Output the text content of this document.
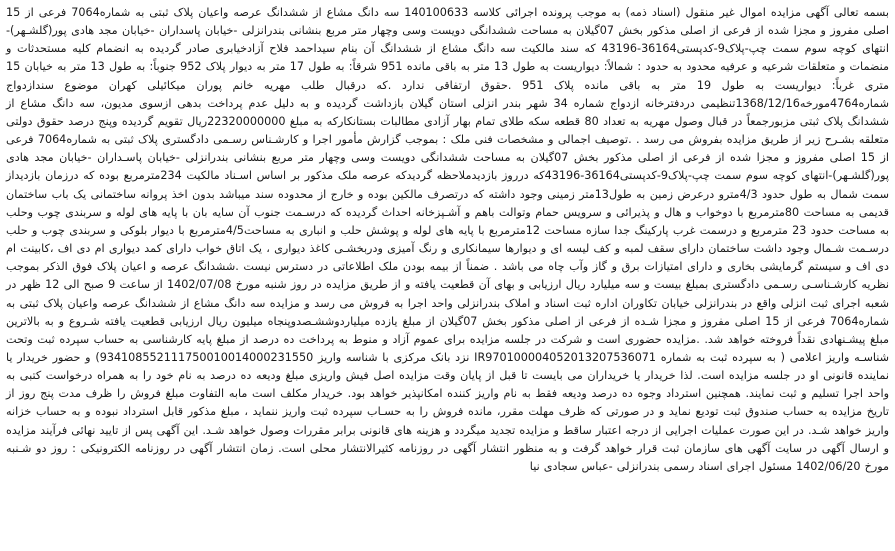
بسمه تعالی آگهی مزایده اموال غیر منقول (اسناد ذمه) به موجب پرونده اجرائی کلاسه 140100633 سه دانگ مشاع از ششدانگ عرصه واعیان پلاک ثبتی به شماره7064 فرعی از 15 اصلی مفروز و مجزا شده از فرعی از اصلی مذکور بخش 07گیلان به مساحت ششدانگی دویست وسی وچهار متر مربع بنشانی بندرانزلی -خیابان پاسداران -خیابان مجد هادی پور(گلشـهر)-انتهای کوچه سوم سمت چپ-پلاک9-کدپستی36164-43196 که سند مالکیت سه دانگ مشاع از ششدانگ آن بنام سیداحمد فلاح آزادخیابری صادر گردیده به انضمام کلیه مستحدثات و منضمات و متعلقات شرعیه و عرفیه محدود به حدود : شمالاً: دیواریست به طول 13 متر به باقی مانده 951 شرقاً: به طول 17 متر به دیوار پلاک 952 جنوباً: به طول 13 متر به خیابان 15 متری غرباً: دیواریست به طول 19 متر به باقی مانده پلاک 951 .حقوق ارتفاقی ندارد .که درقبال طلب مهریه خانم پوران میکائیلی کهران موضوع سندازدواج شماره4764مورخه1368/12/16تنظیمی دردفترخانه ازدواج شماره 34 شهر بندر انزلی استان گیلان بازداشت گردیده و به دلیل عدم پرداخت بدهی ازسوی مدیون، سه دانگ مشاع از ششدانگ پلاک ثبتی مزبورجمعاً در قبال وصول مهریه به تعداد 80 قطعه سکه طلای تمام بهار آزادی مطالبات بستانکارکه به مبلغ 22320000000ریال تقویم گردیده وپنج درصد حقوق دولتی متعلقه بشـرح زیر از طریق مزایده بفروش می رسد . .توصیف اجمالی و مشخصات فنی ملک : بموجب گزارش مأمور اجرا و کارشـناس رسـمی دادگستری پلاک ثبتی به شماره7064 فرعی از 15 اصلی مفروز و مجزا شده از فرعی از اصلی مذکور بخش 07گیلان به مساحت ششدانگی دویست وسی وچهار متر مربع بنشانی بندرانزلی -خیابان پاسـداران -خیابان مجد هادی پور(گلشـهر)-انتهای کوچه سوم سمت چپ-پلاک9-کدپستی36164-43196که درروز بازدیدملاحظه گردیدکه عرصه ملک مذکور بر اساس اسـناد مالکیت 234مترمربع بوده که درزمان بازدیداز سمت شمال به طول حدود 4/3مترو درعرض زمین به طول13متر زمینی وجود داشته که درتصرف مالکین بوده و خارج از محدوده سند میباشد بدون اخذ پروانه ساختمانی یک باب ساختمان قدیمی به مساحت 80مترمربع با دوخواب و هال و پذیرائی و سرویس حمام وتوالت باهم و آشـپزخانه احداث گردیده که درسـمت جنوب آن سایه بان با پایه های لوله و سربندی چوب وحلب به مساحت حدود 23 مترمربع و درسمت غرب پارکینگ جدا سازه مساحت 12مترمربع با پایه های لوله و پوشش حلب و انباری به مساحت4/5مترمربع با دیوار بلوکی و سربندی چوب و حلب درسـمت شـمال وجود داشت ساختمان دارای سقف لمبه و کف لیسه ای و دیوارها سیمانکاری و رنگ آمیزی ودربخشـی کاغذ دیواری ، یک اتاق خواب دارای کمد دیواری ام دی اف ،کابینت ام دی اف و سیستم گرمایشی بخاری و دارای امتیازات برق و گاز وآب چاه می باشد . ضمناً از بیمه بودن ملک اطلاعاتی در دسترس نیست .ششدانگ عرصه و اعیان پلاک فوق الذکر بموجب نظریه کارشـناسـی رسـمی دادگستری بمبلغ بیست و سه میلیارد ریال ارزیابی و بهای آن قطعیت یافته و از طریق مزایده در روز شنبه مورخ 1402/07/08 از ساعت 9 صبح الی 12 ظهر در شعبه اجرای ثبت انزلی واقع در بندرانزلی خیابان تکاوران اداره ثبت اسناد و املاک بندرانزلی واحد اجرا به فروش می رسد و مزایده سه دانگ مشاع از ششدانگ عرصه واعیان پلاک ثبتی به شماره7064 فرعی از 15 اصلی مفروز و مجزا شـده از فرعی از اصلی مذکور بخش 07گیلان از مبلغ یازده میلیاردوششـصدوپنجاه میلیون ریال ارزیابی قطعیت یافته شـروع و به بالاترین مبلغ پیشـنهادی نقداً فروخته خواهد شد. .مزایده حضوری است و شرکت در جلسه مزایده برای عموم آزاد و منوط به پرداخت ده درصد از مبلغ پایه کارشناسی به حساب سپرده ثبت وتحت شناسـه واریز اعلامی ( به سپرده ثبت به شماره IR970100004052013207536071 نزد بانک مرکزی با شناسه واریز 934108552111750010014000231550) و حضور خریدار یا نماینده قانونی او در جلسه مزایده است. لذا خریدار یا خریداران می بایست تا قبل از پایان وقت مزایده اصل فیش واریزی مبلغ ودیعه ده درصد به نام خود را به همراه درخواست کتبی به واحد اجرا تسلیم و ثبت نمایند. همچنین استرداد وجوه ده درصد ودیعه فقط به نام واریز کننده امکانپذیر خواهد بود. خریدار مکلف است مابه التفاوت مبلغ فروش را ظرف مدت پنج روز از تاریخ مزایده به حساب صندوق ثبت تودیع نماید و در صورتی که ظرف مهلت مقرر، مانده فروش را به حسـاب سپرده ثبت واریز ننماید ، مبلغ مذکور قابل استرداد نبوده و به حساب خزانه واریز خواهد شـد. در این صورت عملیات اجرایی از درجه اعتبار ساقط و مزایده تجدید میگردد و هزینه های قانونی برابر مقررات وصول خواهد شـد. این آگهی پس از تایید نهائی فرآیند مزایده و ارسال آگهی در سایت آگهی های سازمان ثبت قرار خواهد گرفت و به منظور انتشار آگهی در روزنامه کثیرالانتشار محلی است. زمان انتشار آگهی در روزنامه الکترونیکی : روز دو شـنبه مورخ 1402/06/20 مسئول اجرای اسناد رسمی بندرانزلی -عباس سجادی نیا
